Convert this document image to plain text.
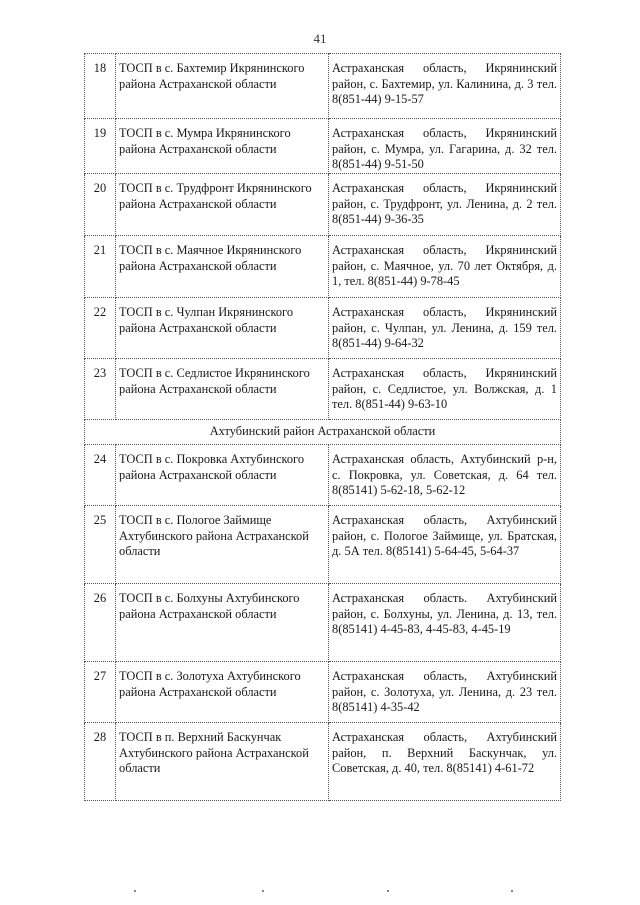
41
18	ТОСП в с. Бахтемир Икрянинского района Астраханской области	Астраханская область, Икрянинский район, с. Бахтемир, ул. Калинина, д. 3 тел. 8(851-44) 9-15-57
19	ТОСП в с. Мумра Икрянинского района Астраханской области	Астраханская область, Икрянинский район, с. Мумра, ул. Гагарина, д. 32 тел. 8(851-44) 9-51-50
20	ТОСП в с. Трудфронт Икрянинского района Астраханской области	Астраханская область, Икрянинский район, с. Трудфронт, ул. Ленина, д. 2 тел. 8(851-44) 9-36-35
21	ТОСП в с. Маячное Икрянинского района Астраханской области	Астраханская область, Икрянинский район, с. Маячное, ул. 70 лет Октября, д. 1, тел. 8(851-44) 9-78-45
22	ТОСП в с. Чулпан Икрянинского района Астраханской области	Астраханская область, Икрянинский район, с. Чулпан, ул. Ленина, д. 159 тел. 8(851-44) 9-64-32
23	ТОСП в с. Седлистое Икрянинского района Астраханской области	Астраханская область, Икрянинский район, с. Седлистое, ул. Волжская, д. 1 тел. 8(851-44) 9-63-10
Ахтубинский район Астраханской области		
24	ТОСП в с. Покровка Ахтубинского района Астраханской области	Астраханская область, Ахтубинский р-н, с. Покровка, ул. Советская, д. 64 тел. 8(85141) 5-62-18, 5-62-12
25	ТОСП в с. Пологое Займище Ахтубинского района Астраханской области	Астраханская область, Ахтубинский район, с. Пологое Займище, ул. Братская, д. 5А тел. 8(85141) 5-64-45, 5-64-37
26	ТОСП в с. Болхуны Ахтубинского района Астраханской области	Астраханская область. Ахтубинский район, с. Болхуны, ул. Ленина, д. 13, тел. 8(85141) 4-45-83, 4-45-83, 4-45-19
27	ТОСП в с. Золотуха Ахтубинского района Астраханской области	Астраханская область, Ахтубинский район, с. Золотуха, ул. Ленина, д. 23 тел. 8(85141) 4-35-42
28	ТОСП в п. Верхний Баскунчак Ахтубинского района Астраханской области	Астраханская область, Ахтубинский район, п. Верхний Баскунчак, ул. Советская, д. 40, тел. 8(85141) 4-61-72
